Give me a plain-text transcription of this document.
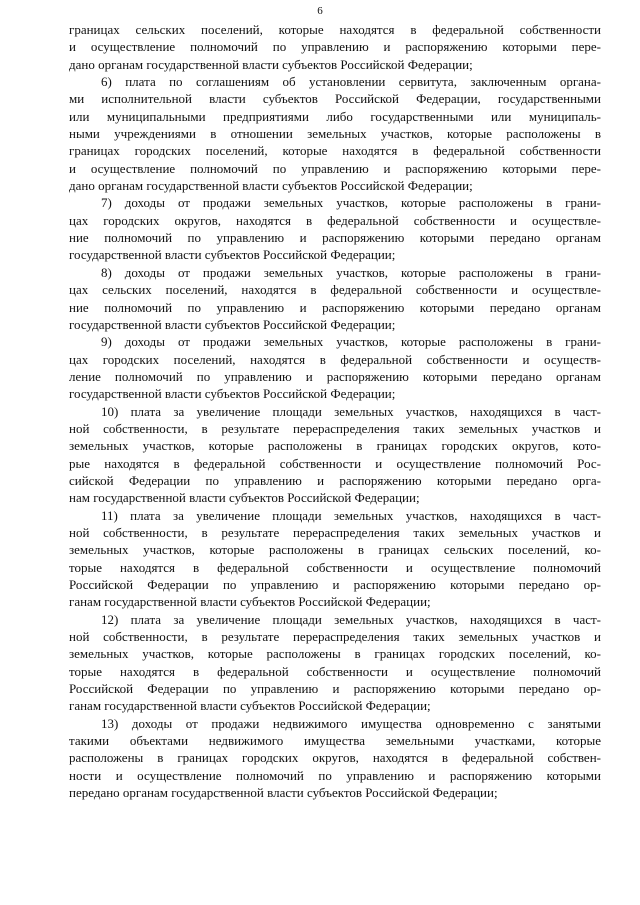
6
границах сельских поселений, которые находятся в федеральной собственности
и осуществление полномочий по управлению и распоряжению которыми пере-
дано органам государственной власти субъектов Российской Федерации;
6) плата по соглашениям об установлении сервитута, заключенным органа-
ми исполнительной власти субъектов Российской Федерации, государственными
или муниципальными предприятиями либо государственными или муниципаль-
ными учреждениями в отношении земельных участков, которые расположены в
границах городских поселений, которые находятся в федеральной собственности
и осуществление полномочий по управлению и распоряжению которыми пере-
дано органам государственной власти субъектов Российской Федерации;
7) доходы от продажи земельных участков, которые расположены в грани-
цах городских округов, находятся в федеральной собственности и осуществле-
ние полномочий по управлению и распоряжению которыми передано органам
государственной власти субъектов Российской Федерации;
8) доходы от продажи земельных участков, которые расположены в грани-
цах сельских поселений, находятся в федеральной собственности и осуществле-
ние полномочий по управлению и распоряжению которыми передано органам
государственной власти субъектов Российской Федерации;
9) доходы от продажи земельных участков, которые расположены в грани-
цах городских поселений, находятся в федеральной собственности и осуществ-
ление полномочий по управлению и распоряжению которыми передано органам
государственной власти субъектов Российской Федерации;
10) плата за увеличение площади земельных участков, находящихся в част-
ной собственности, в результате перераспределения таких земельных участков и
земельных участков, которые расположены в границах городских округов, кото-
рые находятся в федеральной собственности и осуществление полномочий Рос-
сийской Федерации по управлению и распоряжению которыми передано орга-
нам государственной власти субъектов Российской Федерации;
11) плата за увеличение площади земельных участков, находящихся в част-
ной собственности, в результате перераспределения таких земельных участков и
земельных участков, которые расположены в границах сельских поселений, ко-
торые находятся в федеральной собственности и осуществление полномочий
Российской Федерации по управлению и распоряжению которыми передано ор-
ганам государственной власти субъектов Российской Федерации;
12) плата за увеличение площади земельных участков, находящихся в част-
ной собственности, в результате перераспределения таких земельных участков и
земельных участков, которые расположены в границах городских поселений, ко-
торые находятся в федеральной собственности и осуществление полномочий
Российской Федерации по управлению и распоряжению которыми передано ор-
ганам государственной власти субъектов Российской Федерации;
13) доходы от продажи недвижимого имущества одновременно с занятыми
такими объектами недвижимого имущества земельными участками, которые
расположены в границах городских округов, находятся в федеральной собствен-
ности и осуществление полномочий по управлению и распоряжению которыми
передано органам государственной власти субъектов Российской Федерации;
